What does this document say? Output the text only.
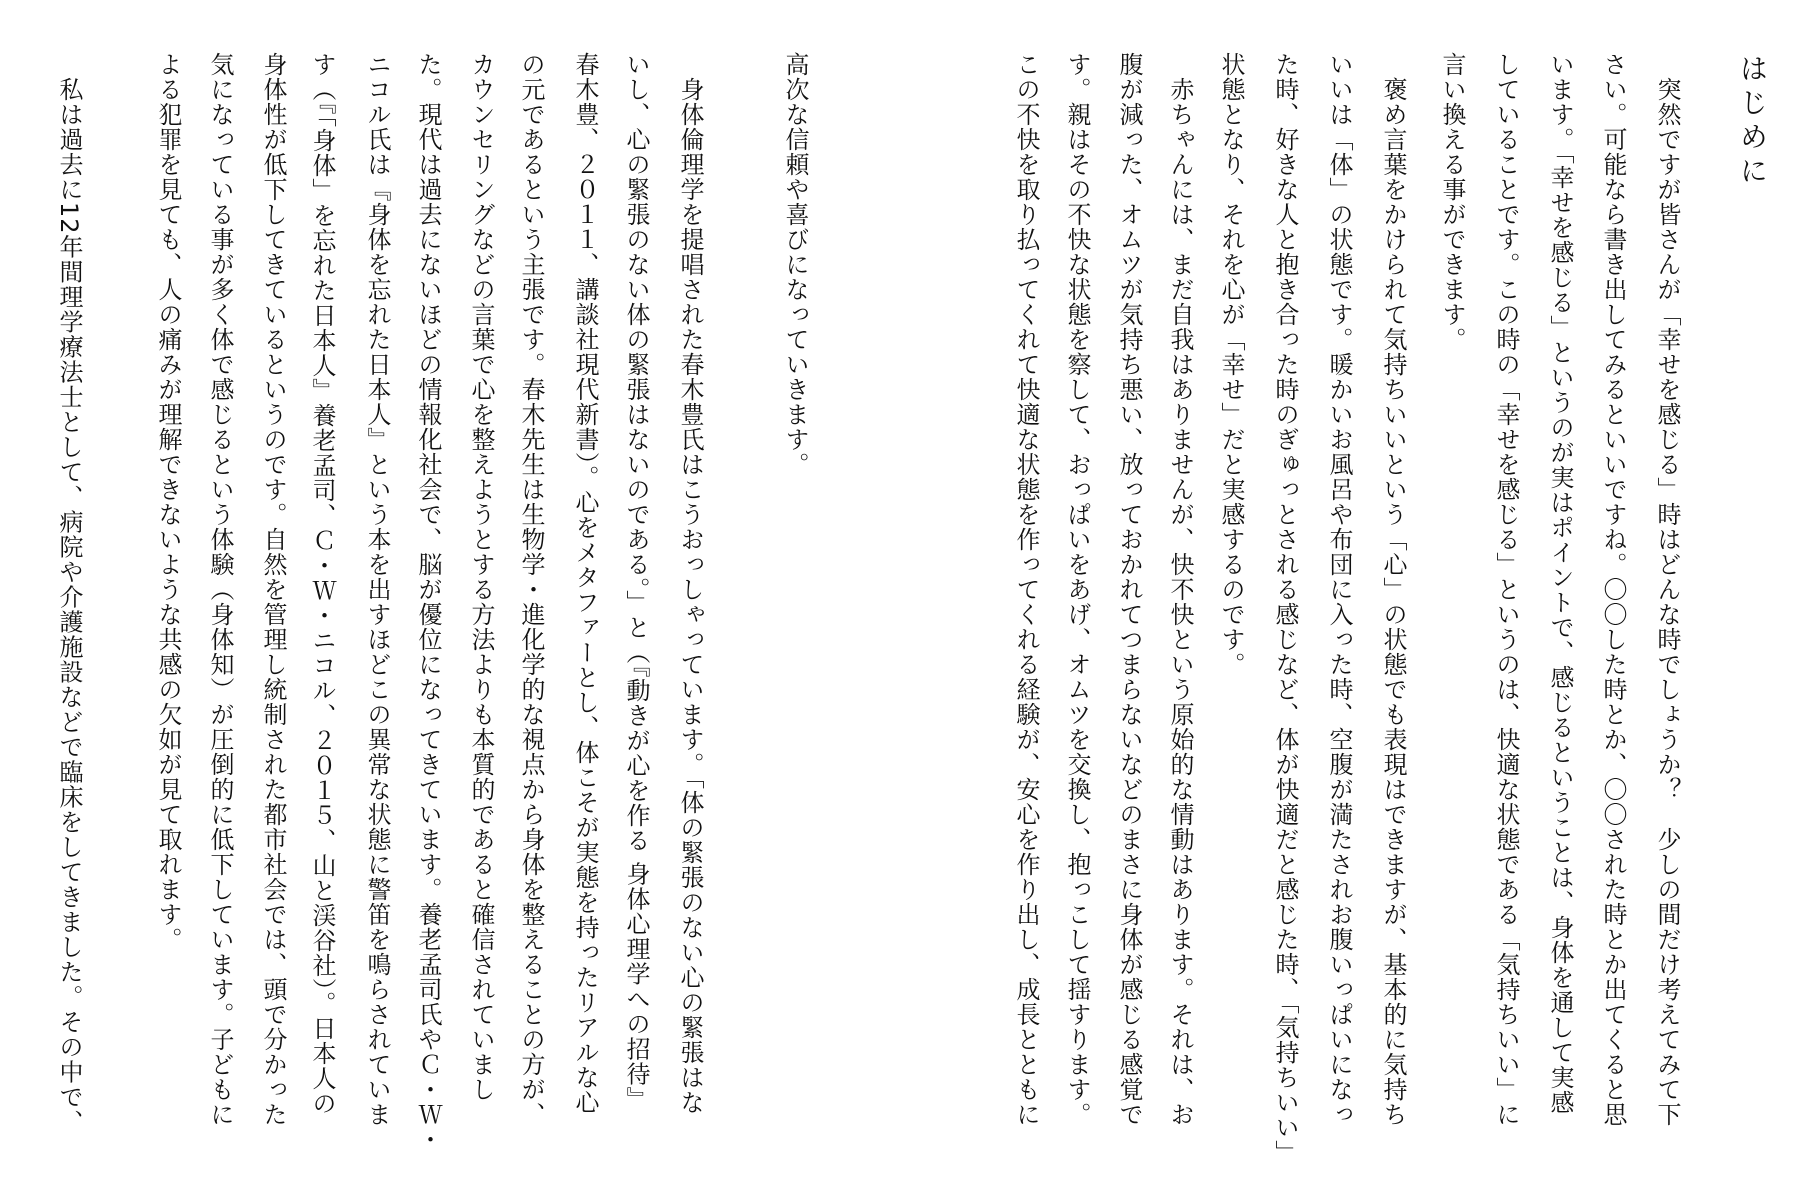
はじめに
突然ですが皆さんが「幸せを感じる」時はどんな時でしょうか？　少しの間だけ考えてみて下
さい。可能なら書き出してみるといいですね。〇〇した時とか、〇〇された時とか出てくると思
います。「幸せを感じる」というのが実はポイントで、感じるということは、身体を通して実感
していることです。この時の「幸せを感じる」というのは、快適な状態である「気持ちいい」に
言い換える事ができます。
褒め言葉をかけられて気持ちいいという「心」の状態でも表現はできますが、基本的に気持ち
いいは「体」の状態です。暖かいお風呂や布団に入った時、空腹が満たされお腹いっぱいになっ
た時、好きな人と抱き合った時のぎゅっとされる感じなど、体が快適だと感じた時、「気持ちいい」
状態となり、それを心が「幸せ」だと実感するのです。
赤ちゃんには、まだ自我はありませんが、快不快という原始的な情動はあります。それは、お
腹が減った、オムツが気持ち悪い、放っておかれてつまらないなどのまさに身体が感じる感覚で
す。親はその不快な状態を察して、おっぱいをあげ、オムツを交換し、抱っこして揺すります。
この不快を取り払ってくれて快適な状態を作ってくれる経験が、安心を作り出し、成長とともに
高次な信頼や喜びになっていきます。
身体倫理学を提唱された春木豊氏はこうおっしゃっています。「体の緊張のない心の緊張はな
いし、心の緊張のない体の緊張はないのである。」と（『動きが心を作る 身体心理学への招待』
春木豊、２０１１、講談社現代新書）。心をメタファーとし、体こそが実態を持ったリアルな心
の元であるという主張です。春木先生は生物学・進化学的な視点から身体を整えることの方が、
カウンセリングなどの言葉で心を整えようとする方法よりも本質的であると確信されていまし
た。現代は過去にないほどの情報化社会で、脳が優位になってきています。養老孟司氏やＣ・Ｗ・
ニコル氏は『身体を忘れた日本人』という本を出すほどこの異常な状態に警笛を鳴らされていま
す（『「身体」を忘れた日本人』養老孟司、Ｃ・Ｗ・ニコル、２０１５、山と渓谷社）。日本人の
身体性が低下してきているというのです。自然を管理し統制された都市社会では、頭で分かった
気になっている事が多く体で感じるという体験（身体知）が圧倒的に低下しています。子どもに
よる犯罪を見ても、人の痛みが理解できないような共感の欠如が見て取れます。
私は過去に12年間理学療法士として、病院や介護施設などで臨床をしてきました。その中で、
